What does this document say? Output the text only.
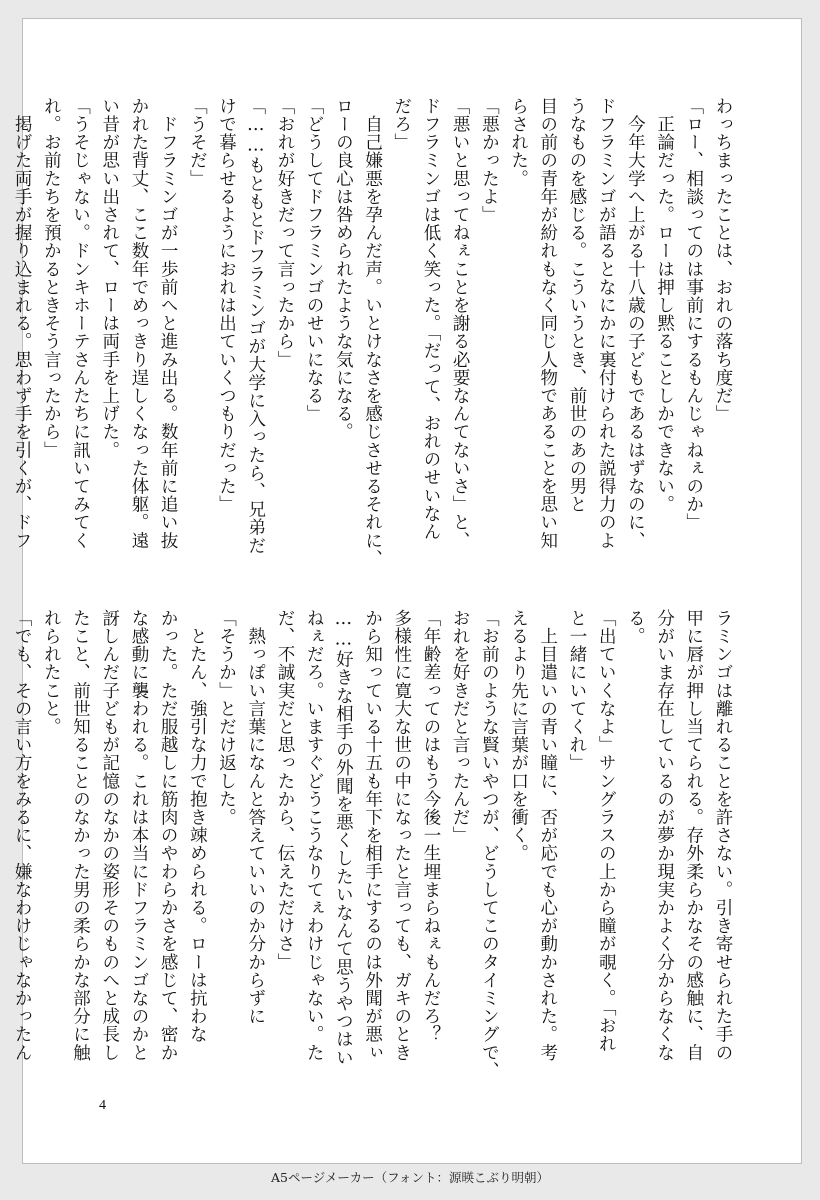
わっちまったことは、おれの落ち度だ」
「ロー、相談ってのは事前にするもんじゃねぇのか」
　正論だった。ローは押し黙ることしかできない。
　今年大学へ上がる十八歳の子どもであるはずなのに、
ドフラミンゴが語るとなにかに裏付けられた説得力のよ
うなものを感じる。こういうとき、前世のあの男と
目の前の青年が紛れもなく同じ人物であることを思い知
らされた。
「悪かったよ」
「悪いと思ってねぇことを謝る必要なんてないさ」と、
ドフラミンゴは低く笑った。「だって、おれのせいなん
だろ」
　自己嫌悪を孕んだ声。いとけなさを感じさせるそれに、
ローの良心は咎められたような気になる。
「どうしてドフラミンゴのせいになる」
「おれが好きだって言ったから」
「……もともとドフラミンゴが大学に入ったら、兄弟だ
けで暮らせるようにおれは出ていくつもりだった」
「うそだ」
　ドフラミンゴが一歩前へと進み出る。数年前に追い抜
かれた背丈、ここ数年でめっきり逞しくなった体躯。遠
い昔が思い出されて、ローは両手を上げた。
「うそじゃない。ドンキホーテさんたちに訊いてみてく
れ。お前たちを預かるときそう言ったから」
　掲げた両手が握り込まれる。思わず手を引くが、ドフ
ラミンゴは離れることを許さない。引き寄せられた手の
甲に唇が押し当てられる。存外柔らかなその感触に、自
分がいま存在しているのが夢か現実かよく分からなくな
る。
「出ていくなよ」サングラスの上から瞳が覗く。「おれ
と一緒にいてくれ」
　上目遣いの青い瞳に、否が応でも心が動かされた。考
えるより先に言葉が口を衝く。
「お前のような賢いやつが、どうしてこのタイミングで、
おれを好きだと言ったんだ」
「年齢差ってのはもう今後一生埋まらねぇもんだろ？
多様性に寛大な世の中になったと言っても、ガキのとき
から知っている十五も年下を相手にするのは外聞が悪ぃ
……好きな相手の外聞を悪くしたいなんて思うやつはい
ねぇだろ。いますぐどうこうなりてぇわけじゃない。た
だ、不誠実だと思ったから、伝えただけさ」
　熱っぽい言葉になんと答えていいのか分からずに
「そうか」とだけ返した。
　とたん、強引な力で抱き竦められる。ローは抗わな
かった。ただ服越しに筋肉のやわらかさを感じて、密か
な感動に襲われる。これは本当にドフラミンゴなのかと
訝しんだ子どもが記憶のなかの姿形そのものへと成長し
たこと、前世知ることのなかった男の柔らかな部分に触
れられたこと。
「でも、その言い方をみるに、嫌なわけじゃなかったん
4
A5ページメーカー（フォント：源暎こぶり明朝）
